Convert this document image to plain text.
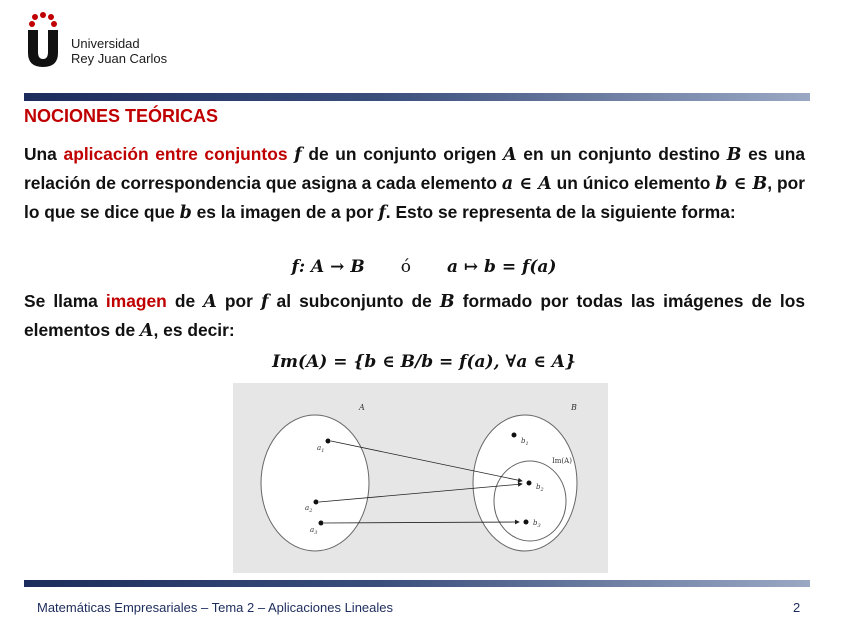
Universidad
Rey Juan Carlos
NOCIONES TEÓRICAS
Una aplicación entre conjuntos f de un conjunto origen A en un conjunto destino B es una relación de correspondencia que asigna a cada elemento a ∈ A un único elemento b ∈ B, por lo que se dice que b es la imagen de a por f. Esto se representa de la siguiente forma:
f: A → B ó a ↦ b = f(a)
Se llama imagen de A por f al subconjunto de B formado por todas las imágenes de los elementos de A, es decir:
Im(A) = {b ∈ B/b = f(a), ∀a ∈ A}
A	B
Im(A)
$a_1$
$a_2$
$a_3$
$b_1$
$b_2$
$b_3$
Matemáticas Empresariales – Tema 2 – Aplicaciones Lineales	2
